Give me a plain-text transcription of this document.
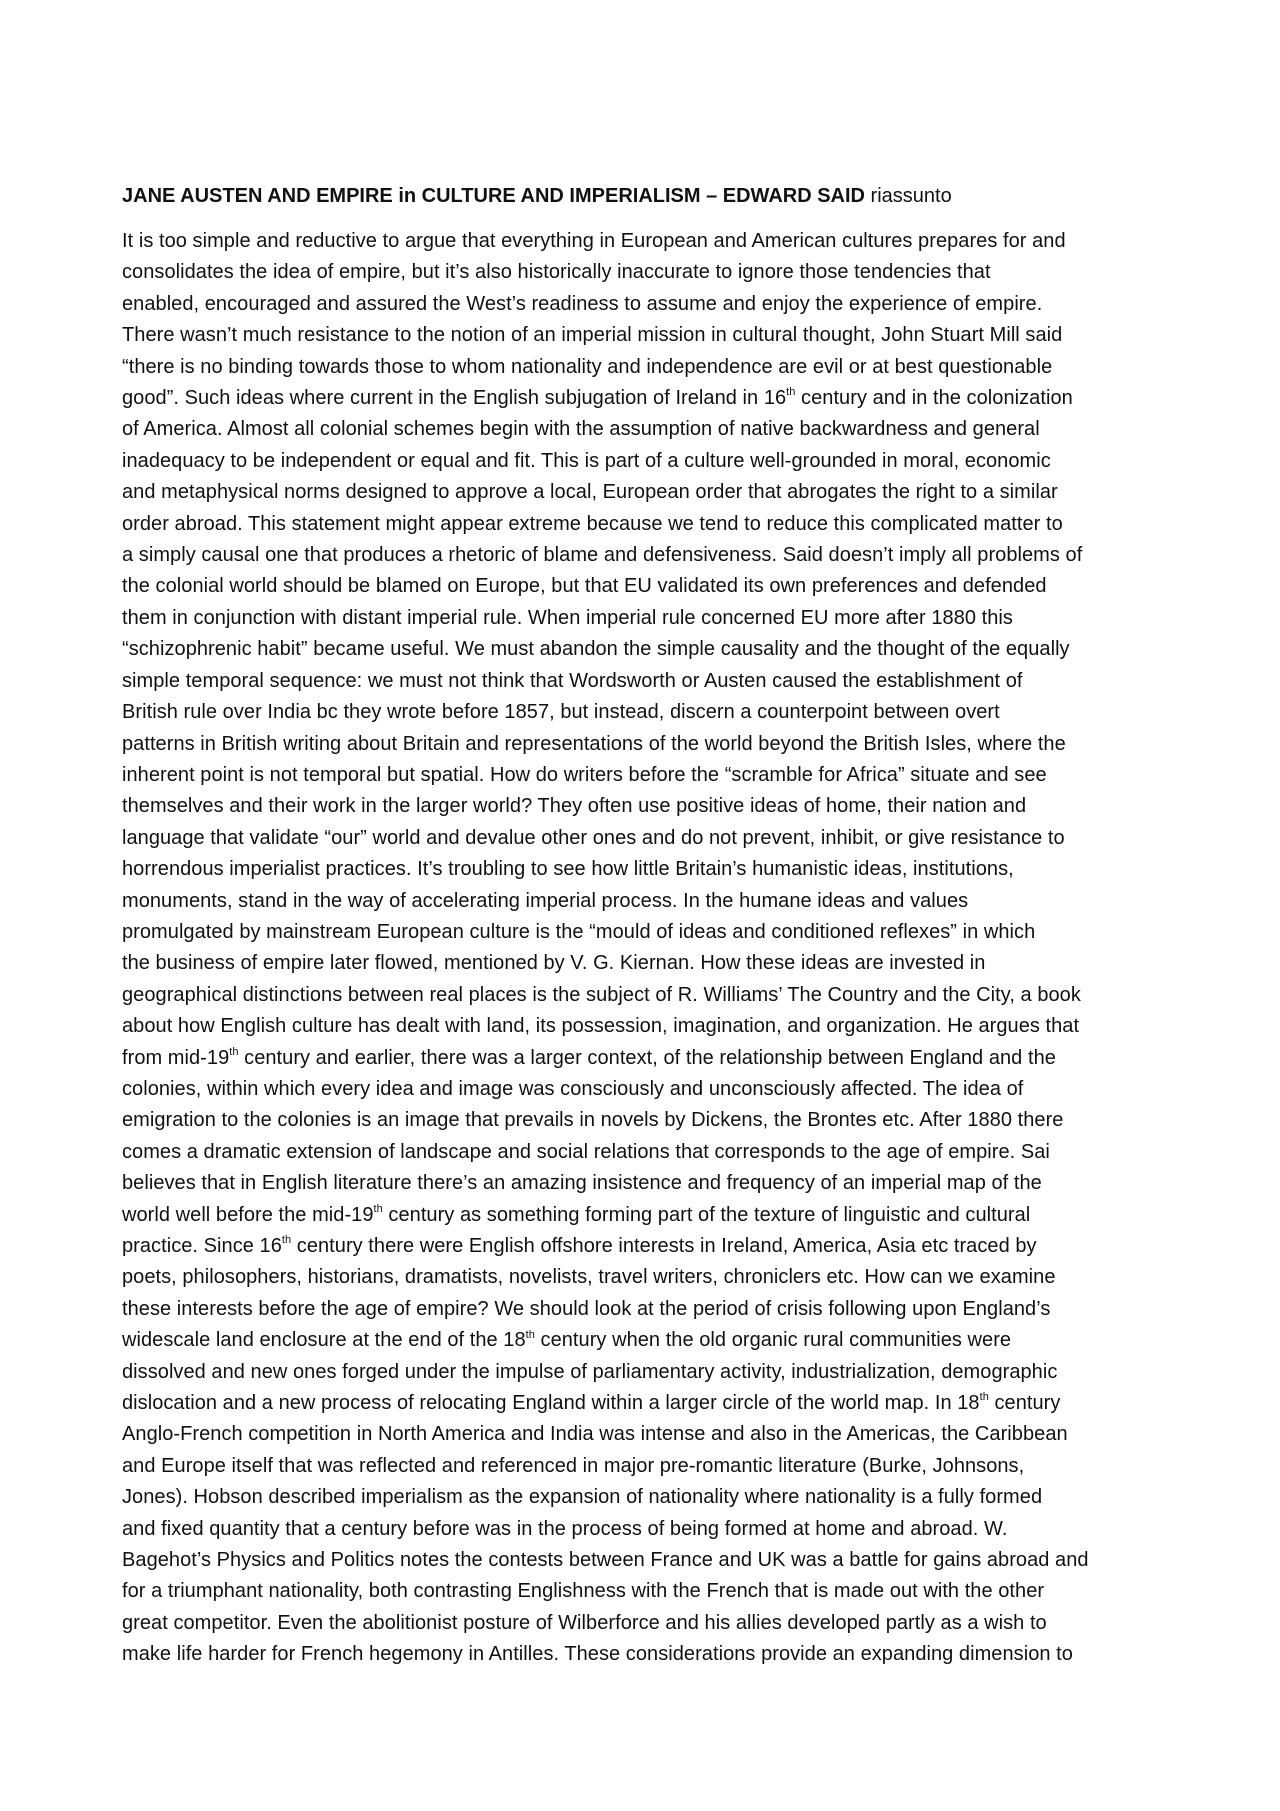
JANE AUSTEN AND EMPIRE in CULTURE AND IMPERIALISM – EDWARD SAID riassunto

It is too simple and reductive to argue that everything in European and American cultures prepares for and
consolidates the idea of empire, but it’s also historically inaccurate to ignore those tendencies that
enabled, encouraged and assured the West’s readiness to assume and enjoy the experience of empire.
There wasn’t much resistance to the notion of an imperial mission in cultural thought, John Stuart Mill said
“there is no binding towards those to whom nationality and independence are evil or at best questionable
good”. Such ideas where current in the English subjugation of Ireland in 16th century and in the colonization
of America. Almost all colonial schemes begin with the assumption of native backwardness and general
inadequacy to be independent or equal and fit. This is part of a culture well-grounded in moral, economic
and metaphysical norms designed to approve a local, European order that abrogates the right to a similar
order abroad. This statement might appear extreme because we tend to reduce this complicated matter to
a simply causal one that produces a rhetoric of blame and defensiveness. Said doesn’t imply all problems of
the colonial world should be blamed on Europe, but that EU validated its own preferences and defended
them in conjunction with distant imperial rule. When imperial rule concerned EU more after 1880 this
“schizophrenic habit” became useful. We must abandon the simple causality and the thought of the equally
simple temporal sequence: we must not think that Wordsworth or Austen caused the establishment of
British rule over India bc they wrote before 1857, but instead, discern a counterpoint between overt
patterns in British writing about Britain and representations of the world beyond the British Isles, where the
inherent point is not temporal but spatial. How do writers before the “scramble for Africa” situate and see
themselves and their work in the larger world? They often use positive ideas of home, their nation and
language that validate “our” world and devalue other ones and do not prevent, inhibit, or give resistance to
horrendous imperialist practices. It’s troubling to see how little Britain’s humanistic ideas, institutions,
monuments, stand in the way of accelerating imperial process. In the humane ideas and values
promulgated by mainstream European culture is the “mould of ideas and conditioned reflexes” in which
the business of empire later flowed, mentioned by V. G. Kiernan. How these ideas are invested in
geographical distinctions between real places is the subject of R. Williams’ The Country and the City, a book
about how English culture has dealt with land, its possession, imagination, and organization. He argues that
from mid-19th century and earlier, there was a larger context, of the relationship between England and the
colonies, within which every idea and image was consciously and unconsciously affected. The idea of
emigration to the colonies is an image that prevails in novels by Dickens, the Brontes etc. After 1880 there
comes a dramatic extension of landscape and social relations that corresponds to the age of empire. Sai
believes that in English literature there’s an amazing insistence and frequency of an imperial map of the
world well before the mid-19th century as something forming part of the texture of linguistic and cultural
practice. Since 16th century there were English offshore interests in Ireland, America, Asia etc traced by
poets, philosophers, historians, dramatists, novelists, travel writers, chroniclers etc. How can we examine
these interests before the age of empire? We should look at the period of crisis following upon England’s
widescale land enclosure at the end of the 18th century when the old organic rural communities were
dissolved and new ones forged under the impulse of parliamentary activity, industrialization, demographic
dislocation and a new process of relocating England within a larger circle of the world map. In 18th century
Anglo-French competition in North America and India was intense and also in the Americas, the Caribbean
and Europe itself that was reflected and referenced in major pre-romantic literature (Burke, Johnsons,
Jones). Hobson described imperialism as the expansion of nationality where nationality is a fully formed
and fixed quantity that a century before was in the process of being formed at home and abroad. W.
Bagehot’s Physics and Politics notes the contests between France and UK was a battle for gains abroad and
for a triumphant nationality, both contrasting Englishness with the French that is made out with the other
great competitor. Even the abolitionist posture of Wilberforce and his allies developed partly as a wish to
make life harder for French hegemony in Antilles. These considerations provide an expanding dimension to
